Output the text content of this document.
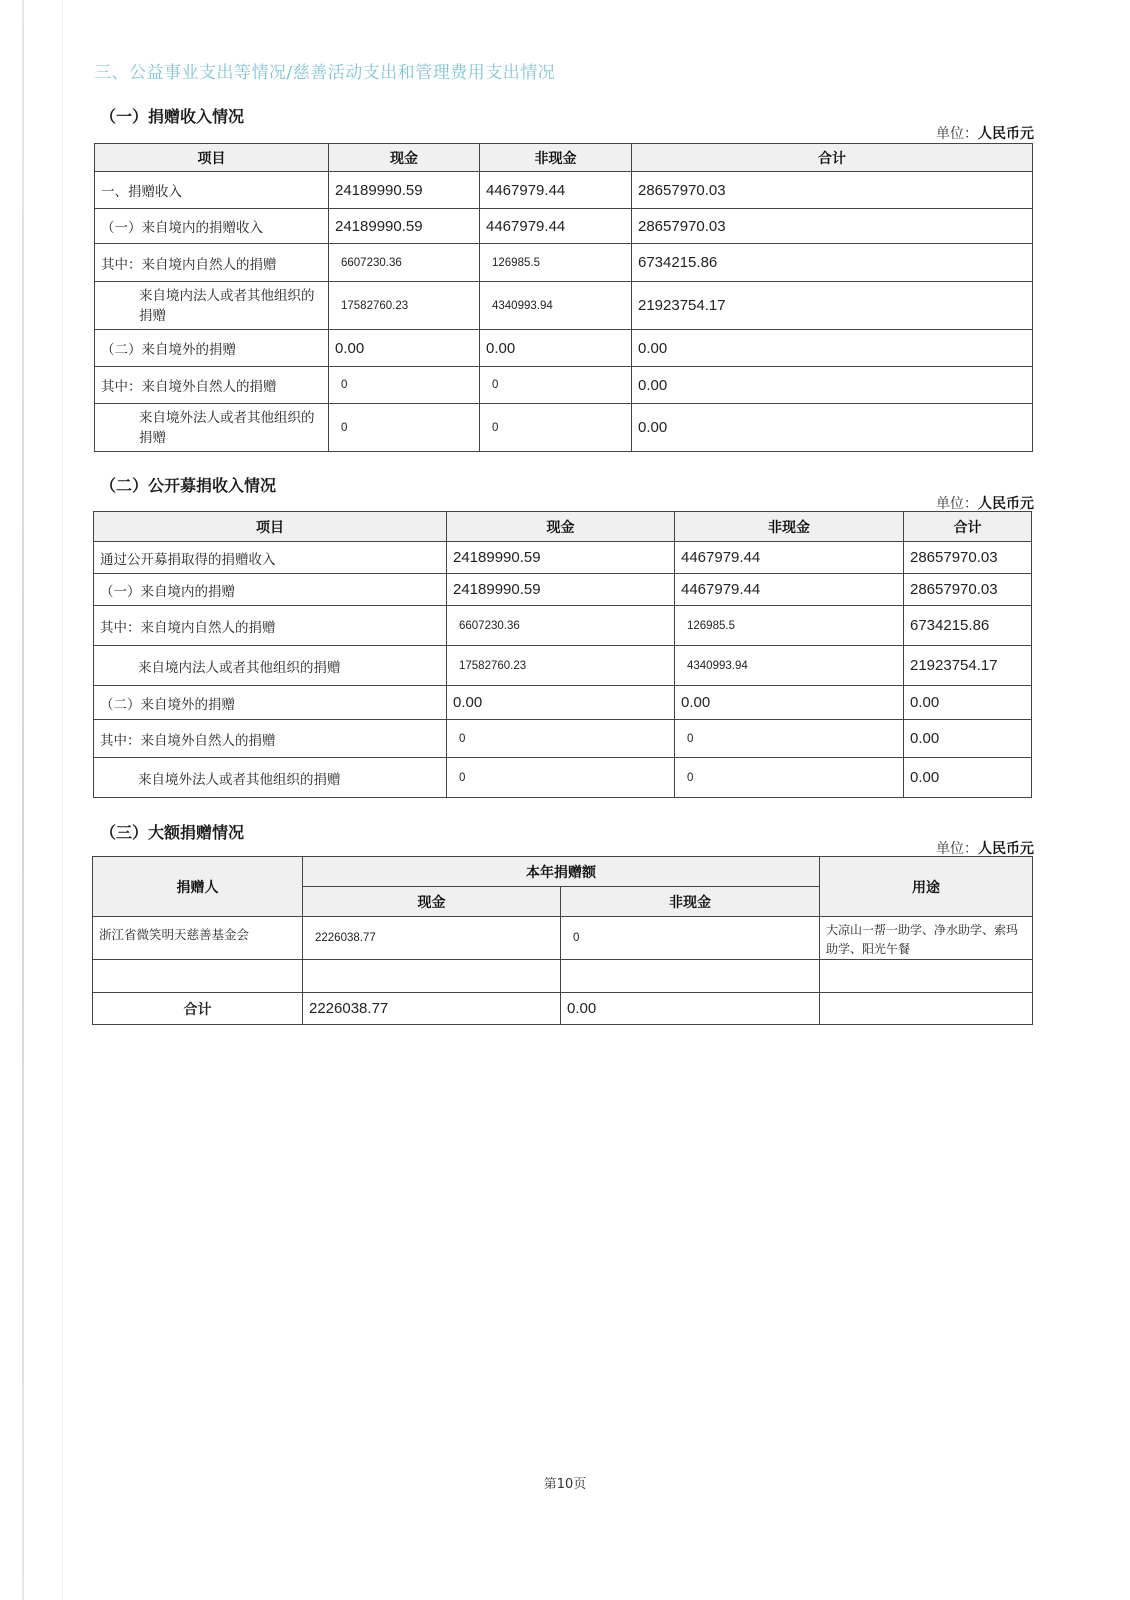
三、公益事业支出等情况/慈善活动支出和管理费用支出情况
（一）捐赠收入情况
单位：人民币元
项目	现金	非现金	合计
一、捐赠收入	24189990.59	4467979.44	28657970.03
（一）来自境内的捐赠收入	24189990.59	4467979.44	28657970.03
其中：来自境内自然人的捐赠	6607230.36	126985.5	6734215.86
来自境内法人或者其他组织的捐赠	17582760.23	4340993.94	21923754.17
（二）来自境外的捐赠	0.00	0.00	0.00
其中：来自境外自然人的捐赠	0	0	0.00
来自境外法人或者其他组织的捐赠	0	0	0.00
（二）公开募捐收入情况
单位：人民币元
项目	现金	非现金	合计
通过公开募捐取得的捐赠收入	24189990.59	4467979.44	28657970.03
（一）来自境内的捐赠	24189990.59	4467979.44	28657970.03
其中：来自境内自然人的捐赠	6607230.36	126985.5	6734215.86
来自境内法人或者其他组织的捐赠	17582760.23	4340993.94	21923754.17
（二）来自境外的捐赠	0.00	0.00	0.00
其中：来自境外自然人的捐赠	0	0	0.00
来自境外法人或者其他组织的捐赠	0	0	0.00
（三）大额捐赠情况
单位：人民币元
捐赠人	本年捐赠额		用途
	现金	非现金	
浙江省微笑明天慈善基金会	2226038.77	0	大凉山一帮一助学、净水助学、索玛助学、阳光午餐

合计	2226038.77	0.00	
第10页
